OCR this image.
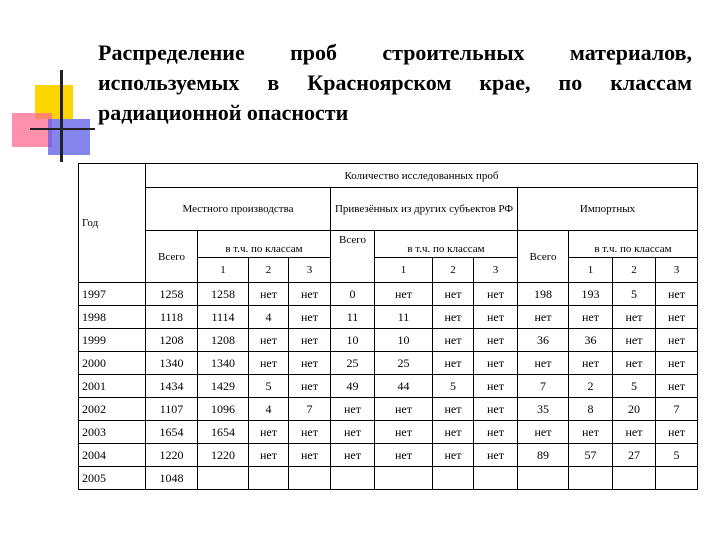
Распределение проб строительных материалов, используемых в Красноярском крае, по классам радиационной опасности
Год	Количество исследованных проб											
	Местного производства				Привезённых из других субъектов РФ				Импортных			
	Всего	в т.ч. по классам			Всего	в т.ч. по классам			Всего	в т.ч. по классам		
		1	2	3		1	2	3		1	2	3
1997	1258	1258	нет	нет	0	нет	нет	нет	198	193	5	нет
1998	1118	1114	4	нет	11	11	нет	нет	нет	нет	нет	нет
1999	1208	1208	нет	нет	10	10	нет	нет	36	36	нет	нет
2000	1340	1340	нет	нет	25	25	нет	нет	нет	нет	нет	нет
2001	1434	1429	5	нет	49	44	5	нет	7	2	5	нет
2002	1107	1096	4	7	нет	нет	нет	нет	35	8	20	7
2003	1654	1654	нет	нет	нет	нет	нет	нет	нет	нет	нет	нет
2004	1220	1220	нет	нет	нет	нет	нет	нет	89	57	27	5
2005	1048											
